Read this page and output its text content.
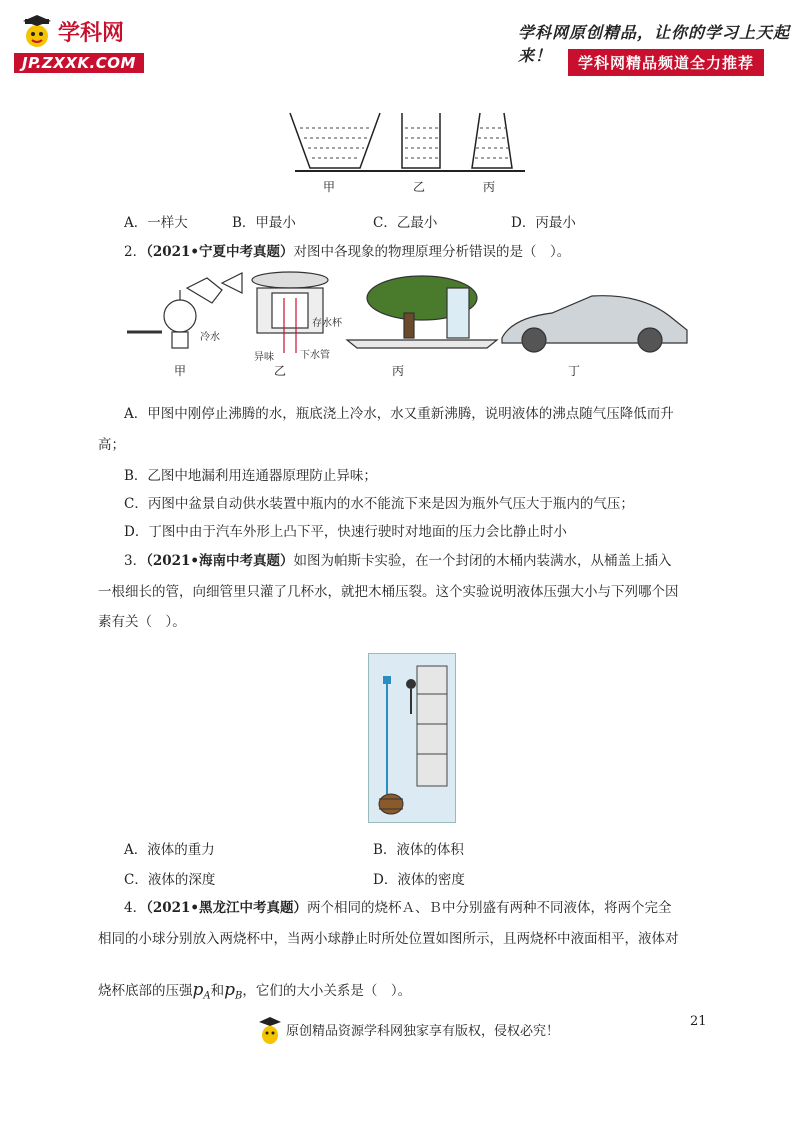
学科网
JP.ZXXK.COM
学科网原创精品，让你的学习上天起来！	学科网精品频道全力推荐
甲	乙	丙
A．一样大	B．甲最小	C．乙最小	D．丙最小
2．（2021•宁夏中考真题）对图中各现象的物理原理分析错误的是（　）。
冷水
存水杯
异味	下水管
甲	乙	丙	丁
A．甲图中刚停止沸腾的水，瓶底浇上冷水，水又重新沸腾，说明液体的沸点随气压降低而升
高；
B．乙图中地漏利用连通器原理防止异味；
C．丙图中盆景自动供水装置中瓶内的水不能流下来是因为瓶外气压大于瓶内的气压；
D．丁图中由于汽车外形上凸下平，快速行驶时对地面的压力会比静止时小
3．（2021•海南中考真题）如图为帕斯卡实验，在一个封闭的木桶内装满水，从桶盖上插入
一根细长的管，向细管里只灌了几杯水，就把木桶压裂。这个实验说明液体压强大小与下列哪个因
素有关（　）。
A．液体的重力	B．液体的体积
C．液体的深度	D．液体的密度
4．（2021•黑龙江中考真题）两个相同的烧杯Ａ、Ｂ中分别盛有两种不同液体，将两个完全
相同的小球分别放入两烧杯中，当两小球静止时所处位置如图所示，且两烧杯中液面相平，液体对
烧杯底部的压强$p_A$和$p_B$，它们的大小关系是（　）。
21
原创精品资源学科网独家享有版权，侵权必究！
